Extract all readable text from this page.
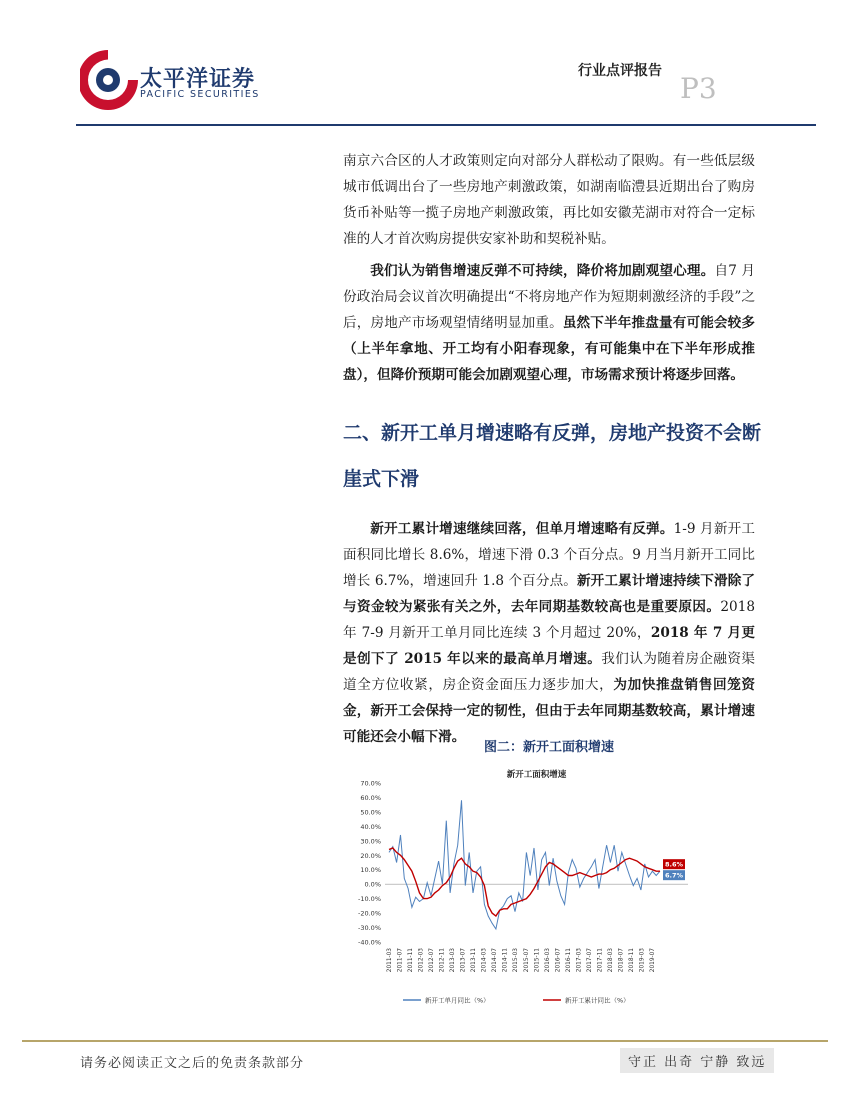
太平洋证券
PACIFIC SECURITIES
行业点评报告
P3
南京六合区的人才政策则定向对部分人群松动了限购。有一些低层级城市低调出台了一些房地产刺激政策，如湖南临澧县近期出台了购房货币补贴等一揽子房地产刺激政策，再比如安徽芜湖市对符合一定标准的人才首次购房提供安家补助和契税补贴。
我们认为销售增速反弹不可持续，降价将加剧观望心理。自7 月份政治局会议首次明确提出“不将房地产作为短期刺激经济的手段”之后，房地产市场观望情绪明显加重。虽然下半年推盘量有可能会较多（上半年拿地、开工均有小阳春现象，有可能集中在下半年形成推盘），但降价预期可能会加剧观望心理，市场需求预计将逐步回落。
二、新开工单月增速略有反弹，房地产投资不会断崖式下滑
新开工累计增速继续回落，但单月增速略有反弹。1-9 月新开工面积同比增长 8.6%，增速下滑 0.3 个百分点。9 月当月新开工同比增长 6.7%，增速回升 1.8 个百分点。新开工累计增速持续下滑除了与资金较为紧张有关之外，去年同期基数较高也是重要原因。2018 年 7-9 月新开工单月同比连续 3 个月超过 20%，2018 年 7 月更是创下了 2015 年以来的最高单月增速。我们认为随着房企融资渠道全方位收紧，房企资金面压力逐步加大，为加快推盘销售回笼资金，新开工会保持一定的韧性，但由于去年同期基数较高，累计增速可能还会小幅下滑。
图二：新开工面积增速
新开工面积增速
70.0%
60.0%
50.0%
40.0%
30.0%
20.0%
10.0%
0.0%
-10.0%
-20.0%
-30.0%
-40.0%
2011-03 2011-07 2011-11 2012-03 2012-07 2012-11 2013-03 2013-07 2013-11 2014-03 2014-07 2014-11 2015-03 2015-07 2015-11 2016-03 2016-07 2016-11 2017-03 2017-07 2017-11 2018-03 2018-07 2018-11 2019-03 2019-07
8.6%
6.7%
新开工单月同比（%）	新开工累计同比（%）
请务必阅读正文之后的免责条款部分	守正 出奇 宁静 致远
